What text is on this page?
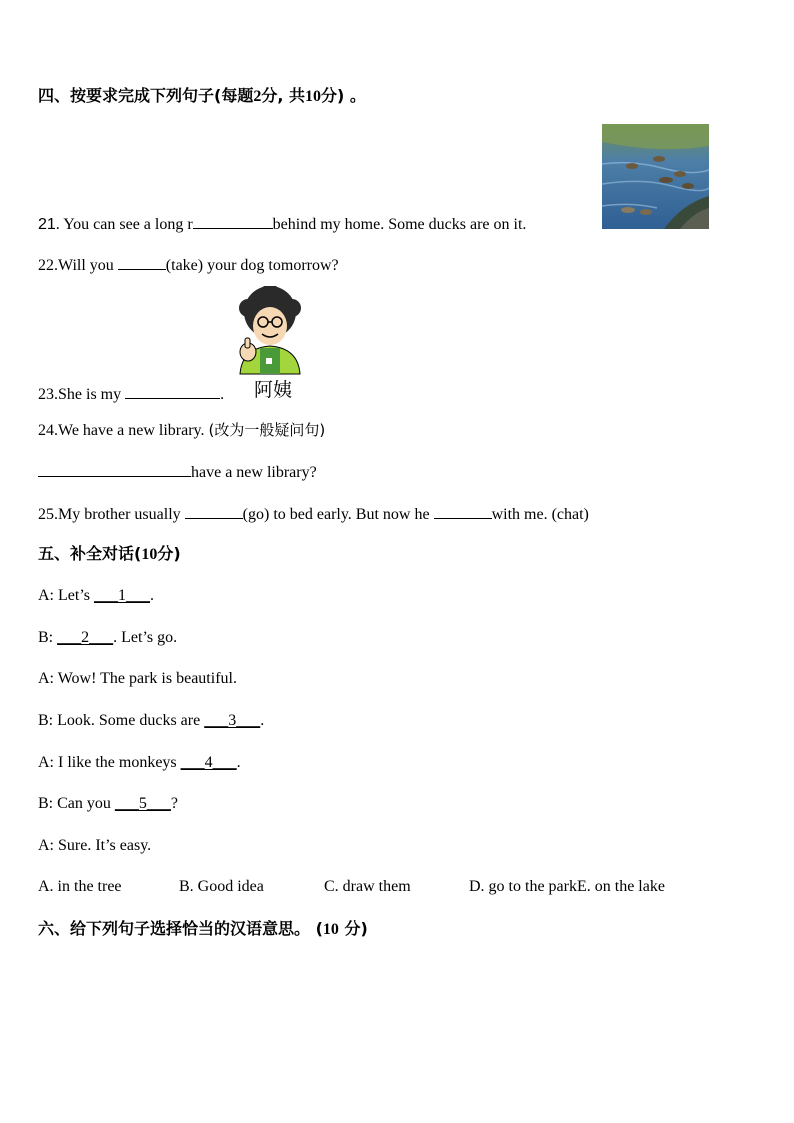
四、按要求完成下列句子(每题2分, 共10分) 。
21. You can see a long r	behind my home. Some ducks are on it.
22.Will you	(take) your dog tomorrow?
阿姨
23.She is my	.
24.We have a new library. (改为一般疑问句)
have a new library?
25.My brother usually	(go) to bed early. But now he	with me. (chat)
五、补全对话(10分)
A: Let’s ___1___.
B: ___2___. Let’s go.
A: Wow! The park is beautiful.
B: Look. Some ducks are ___3___.
A: I like the monkeys ___4___.
B: Can you ___5___?
A: Sure. It’s easy.
A. in the tree	B. Good idea	C. draw them	D. go to the parkE. on the lake
六、给下列句子选择恰当的汉语意思。 (10 分)
